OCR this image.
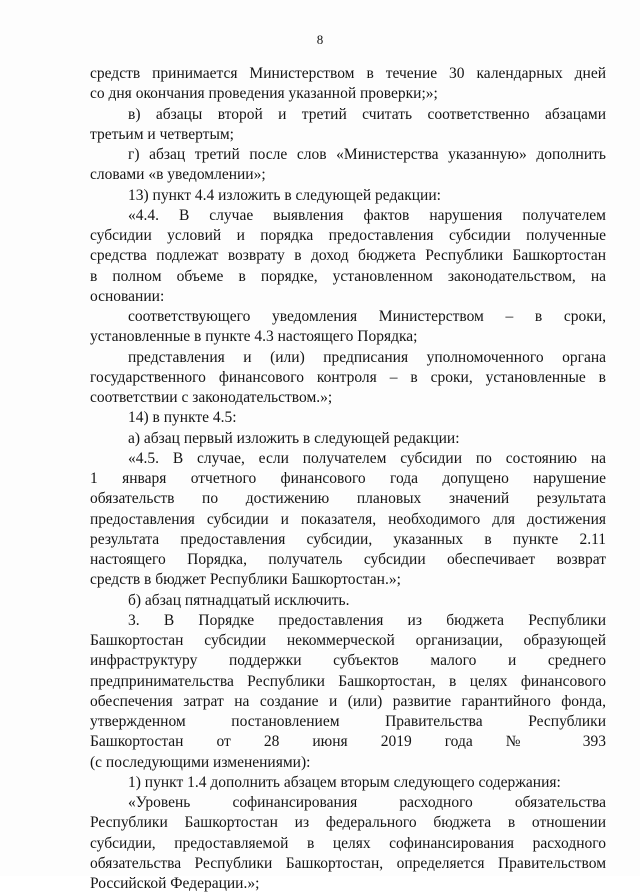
8
средств принимается Министерством в течение 30 календарных дней
со дня окончания проведения указанной проверки;»;
в) абзацы второй и третий считать соответственно абзацами
третьим и четвертым;
г) абзац третий после слов «Министерства указанную» дополнить
словами «в уведомлении»;
13) пункт 4.4 изложить в следующей редакции:
«4.4. В случае выявления фактов нарушения получателем
субсидии условий и порядка предоставления субсидии полученные
средства подлежат возврату в доход бюджета Республики Башкортостан
в полном объеме в порядке, установленном законодательством, на
основании:
соответствующего уведомления Министерством – в сроки,
установленные в пункте 4.3 настоящего Порядка;
представления и (или) предписания уполномоченного органа
государственного финансового контроля – в сроки, установленные в
соответствии с законодательством.»;
14) в пункте 4.5:
а) абзац первый изложить в следующей редакции:
«4.5. В случае, если получателем субсидии по состоянию на
1 января отчетного финансового года допущено нарушение
обязательств по достижению плановых значений результата
предоставления субсидии и показателя, необходимого для достижения
результата предоставления субсидии, указанных в пункте 2.11
настоящего Порядка, получатель субсидии обеспечивает возврат
средств в бюджет Республики Башкортостан.»;
б) абзац пятнадцатый исключить.
3. В Порядке предоставления из бюджета Республики
Башкортостан субсидии некоммерческой организации, образующей
инфраструктуру поддержки субъектов малого и среднего
предпринимательства Республики Башкортостан, в целях финансового
обеспечения затрат на создание и (или) развитие гарантийного фонда,
утвержденном постановлением Правительства Республики
Башкортостан от 28 июня 2019 года № 393
(с последующими изменениями):
1) пункт 1.4 дополнить абзацем вторым следующего содержания:
«Уровень софинансирования расходного обязательства
Республики Башкортостан из федерального бюджета в отношении
субсидии, предоставляемой в целях софинансирования расходного
обязательства Республики Башкортостан, определяется Правительством
Российской Федерации.»;
